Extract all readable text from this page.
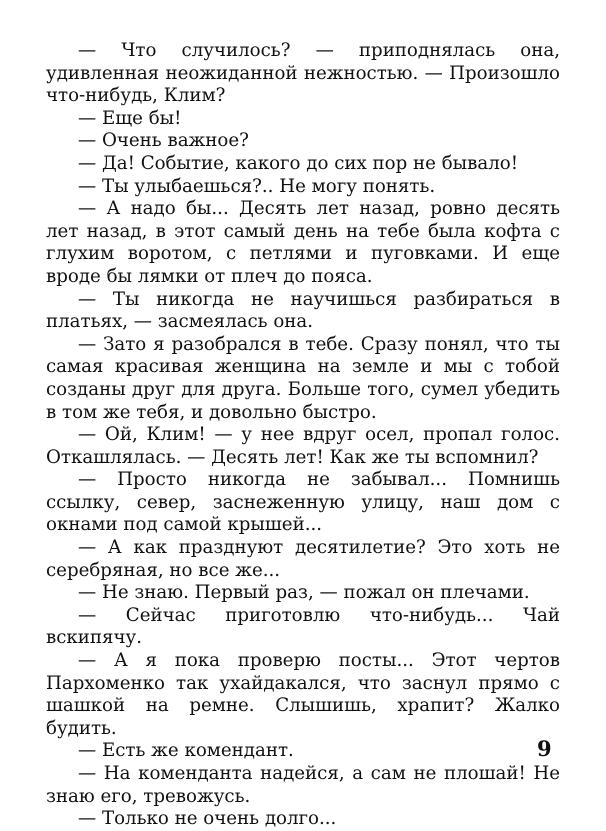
— Что случилось? — приподнялась она, удивленная неожиданной нежностью. — Произошло что-нибудь, Клим?

— Еще бы!

— Очень важное?

— Да! Событие, какого до сих пор не бывало!

— Ты улыбаешься?.. Не могу понять.

— А надо бы... Десять лет назад, ровно десять лет назад, в этот самый день на тебе была кофта с глухим воротом, с петлями и пуговками. И еще вроде бы лямки от плеч до пояса.

— Ты никогда не научишься разбираться в платьях, — засмеялась она.

— Зато я разобрался в тебе. Сразу понял, что ты самая красивая женщина на земле и мы с тобой созданы друг для друга. Больше того, сумел убедить в том же тебя, и довольно быстро.

— Ой, Клим! — у нее вдруг осел, пропал голос. Откашлялась. — Десять лет! Как же ты вспомнил?

— Просто никогда не забывал... Помнишь ссылку, север, заснеженную улицу, наш дом с окнами под самой крышей...

— А как празднуют десятилетие? Это хоть не серебряная, но все же...

— Не знаю. Первый раз, — пожал он плечами.

— Сейчас приготовлю что-нибудь... Чай вскипячу.

— А я пока проверю посты... Этот чертов Пархоменко так ухайдакался, что заснул прямо с шашкой на ремне. Слышишь, храпит? Жалко будить.

— Есть же комендант.

— На коменданта надейся, а сам не плошай! Не знаю его, тревожусь.

— Только не очень долго...

9
